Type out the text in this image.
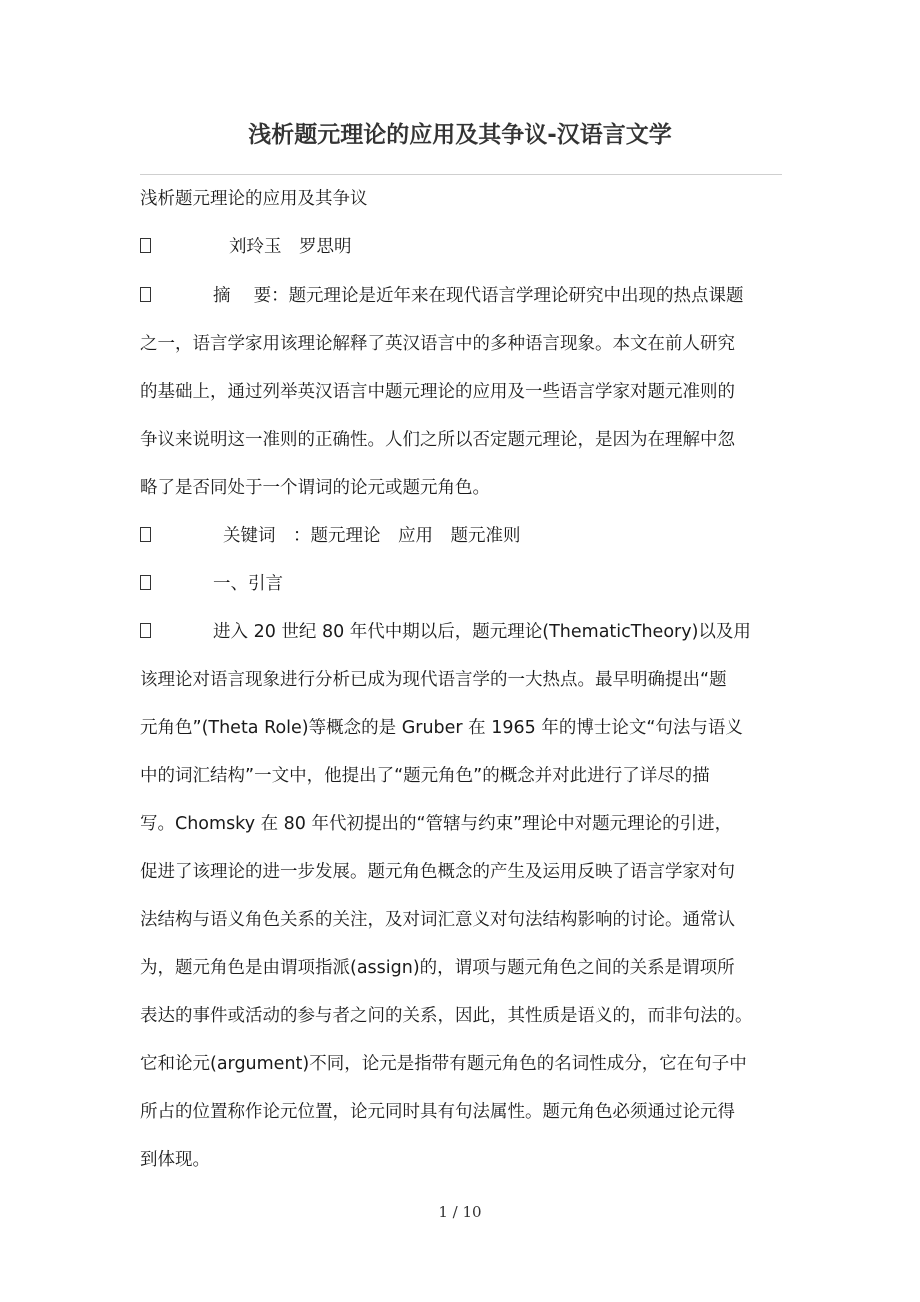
浅析题元理论的应用及其争议-汉语言文学
浅析题元理论的应用及其争议
刘玲玉　罗思明
摘　 要：题元理论是近年来在现代语言学理论研究中出现的热点课题
之一，语言学家用该理论解释了英汉语言中的多种语言现象。本文在前人研究
的基础上，通过列举英汉语言中题元理论的应用及一些语言学家对题元准则的
争议来说明这一准则的正确性。人们之所以否定题元理论，是因为在理解中忽
略了是否同处于一个谓词的论元或题元角色。
关键词　：题元理论　应用　题元准则
一、引言
进入 20 世纪 80 年代中期以后，题元理论(ThematicTheory)以及用
该理论对语言现象进行分析已成为现代语言学的一大热点。最早明确提出“题
元角色”(Theta Role)等概念的是 Gruber 在 1965 年的博士论文“句法与语义
中的词汇结构”一文中，他提出了“题元角色”的概念并对此进行了详尽的描
写。Chomsky 在 80 年代初提出的“管辖与约束”理论中对题元理论的引进，
促进了该理论的进一步发展。题元角色概念的产生及运用反映了语言学家对句
法结构与语义角色关系的关注，及对词汇意义对句法结构影响的讨论。通常认
为，题元角色是由谓项指派(assign)的，谓项与题元角色之间的关系是谓项所
表达的事件或活动的参与者之问的关系，因此，其性质是语义的，而非句法的。
它和论元(argument)不同，论元是指带有题元角色的名词性成分，它在句子中
所占的位置称作论元位置，论元同时具有句法属性。题元角色必须通过论元得
到体现。
1 / 10
